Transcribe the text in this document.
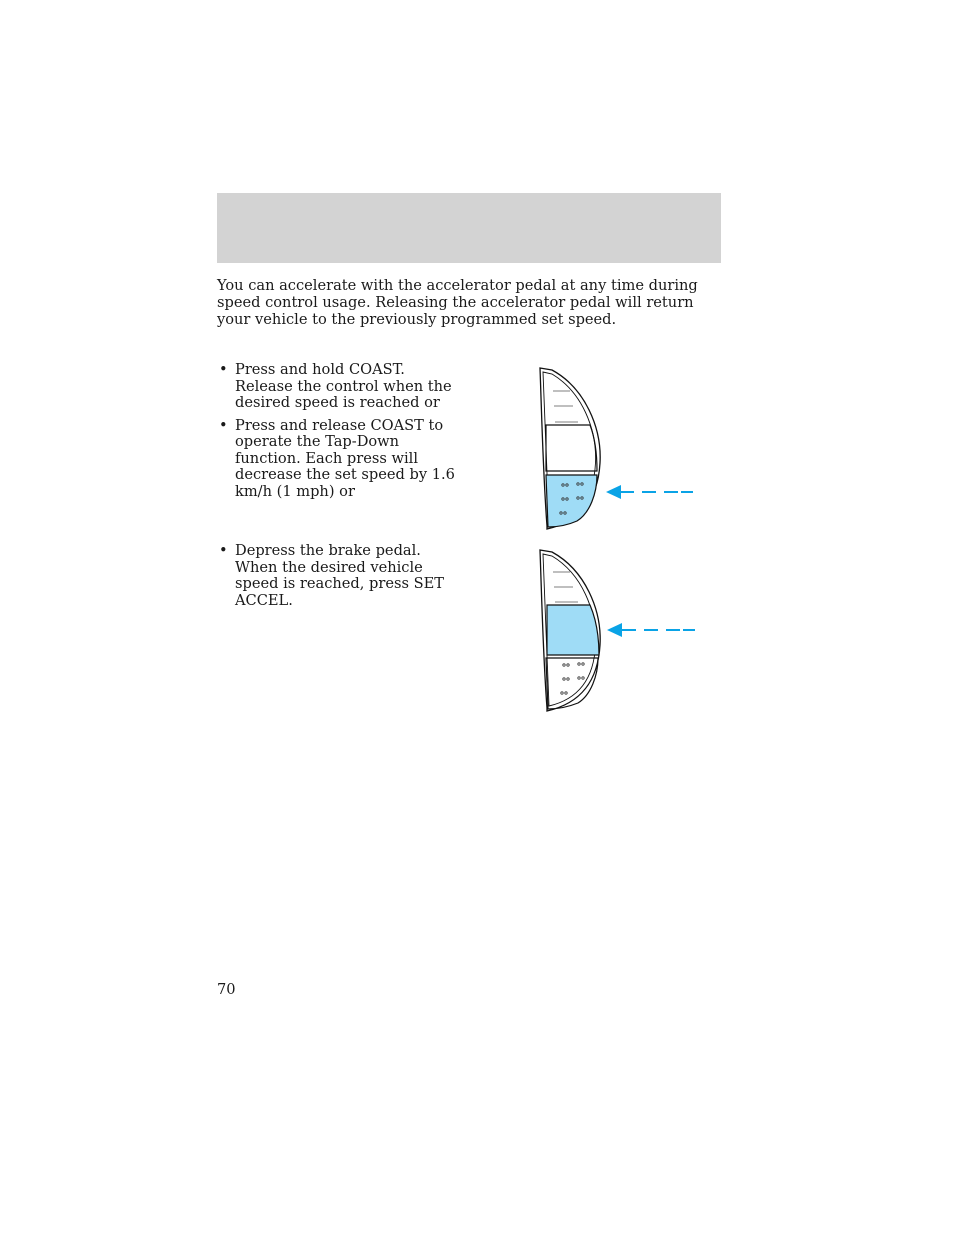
You can accelerate with the accelerator pedal at any time during speed control usage. Releasing the accelerator pedal will return your vehicle to the previously programmed set speed.

• Press and hold COAST. Release the control when the desired speed is reached or
• Press and release COAST to operate the Tap-Down function. Each press will decrease the set speed by 1.6 km/h (1 mph) or
• Depress the brake pedal. When the desired vehicle speed is reached, press SET ACCEL.
70
